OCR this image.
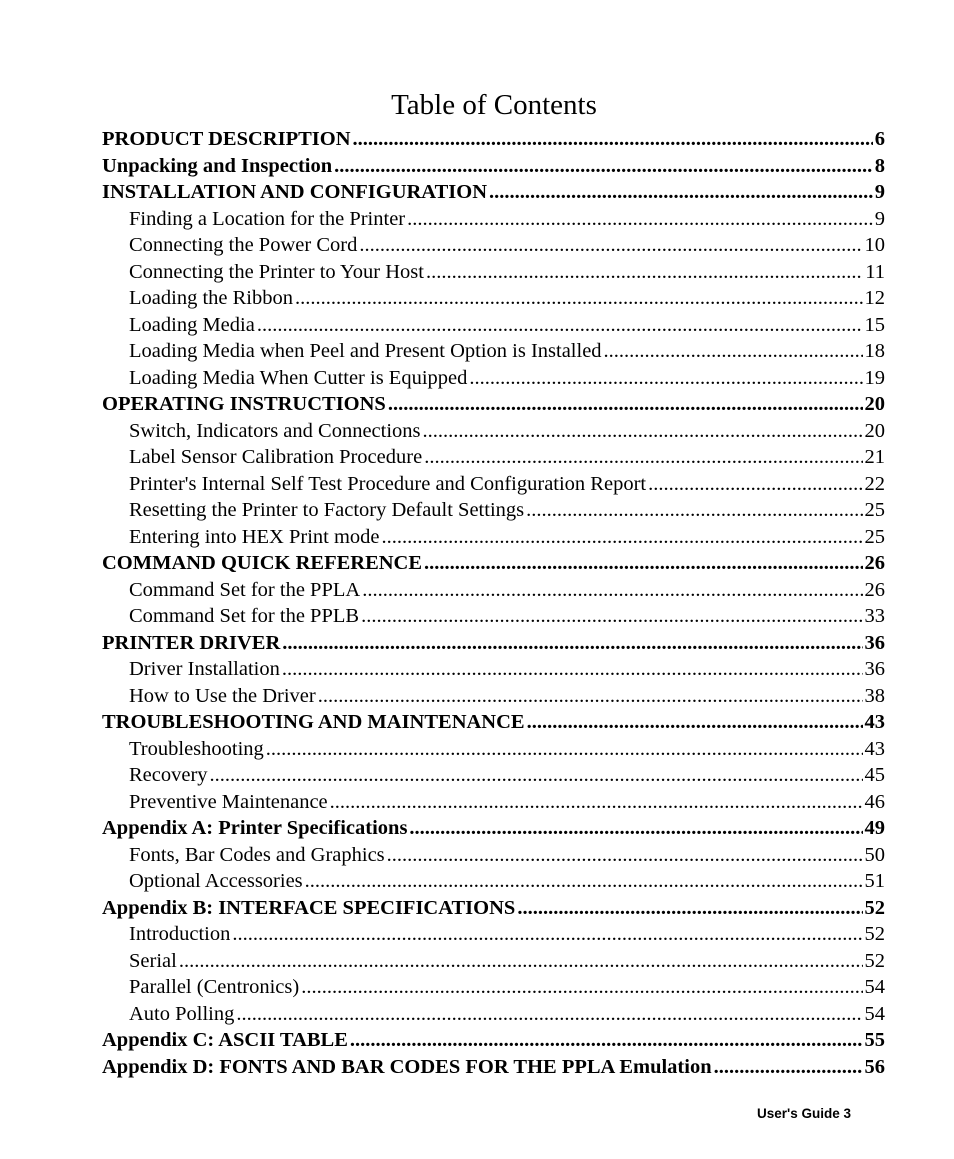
Table of Contents
PRODUCT DESCRIPTION .....	6
Unpacking and Inspection .....	8
INSTALLATION AND CONFIGURATION .....	9
Finding a Location for the Printer .....	9
Connecting the Power Cord .....	10
Connecting the Printer to Your Host .....	11
Loading the Ribbon .....	12
Loading Media .....	15
Loading Media when Peel and Present Option is Installed .....	18
Loading Media When Cutter is Equipped .....	19
OPERATING INSTRUCTIONS .....	20
Switch, Indicators and Connections .....	20
Label Sensor Calibration Procedure .....	21
Printer's Internal Self Test Procedure and Configuration Report .....	22
Resetting the Printer to Factory Default Settings .....	25
Entering into HEX Print mode .....	25
COMMAND QUICK REFERENCE .....	26
Command Set for the PPLA .....	26
Command Set for the PPLB .....	33
PRINTER DRIVER .....	36
Driver Installation .....	36
How to Use the Driver .....	38
TROUBLESHOOTING AND MAINTENANCE .....	43
Troubleshooting .....	43
Recovery .....	45
Preventive Maintenance .....	46
Appendix A: Printer Specifications .....	49
Fonts, Bar Codes and Graphics .....	50
Optional Accessories .....	51
Appendix B: INTERFACE SPECIFICATIONS .....	52
Introduction .....	52
Serial .....	52
Parallel (Centronics) .....	54
Auto Polling .....	54
Appendix C: ASCII TABLE .....	55
Appendix D: FONTS AND BAR CODES FOR THE PPLA Emulation .....	56
User's Guide 3
